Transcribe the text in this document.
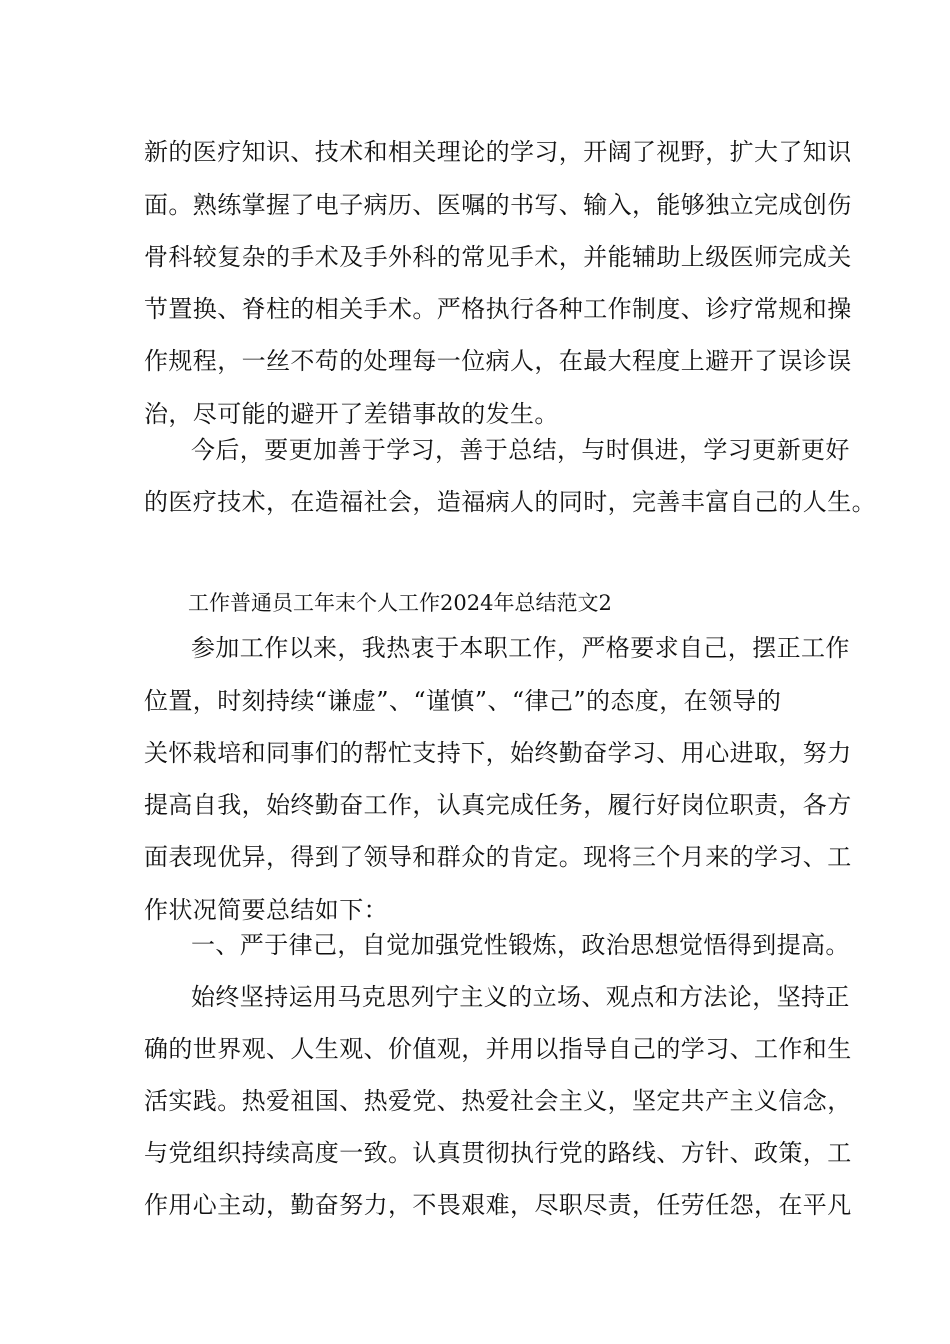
新的医疗知识、技术和相关理论的学习，开阔了视野，扩大了知识
面。熟练掌握了电子病历、医嘱的书写、输入，能够独立完成创伤
骨科较复杂的手术及手外科的常见手术，并能辅助上级医师完成关
节置换、脊柱的相关手术。严格执行各种工作制度、诊疗常规和操
作规程，一丝不苟的处理每一位病人，在最大程度上避开了误诊误
治，尽可能的避开了差错事故的发生。
今后，要更加善于学习，善于总结，与时俱进，学习更新更好
的医疗技术，在造福社会，造福病人的同时，完善丰富自己的人生。
工作普通员工年末个人工作2024年总结范文2
参加工作以来，我热衷于本职工作，严格要求自己，摆正工作
位置，时刻持续“谦虚”、“谨慎”、“律己”的态度，在领导的
关怀栽培和同事们的帮忙支持下，始终勤奋学习、用心进取，努力
提高自我，始终勤奋工作，认真完成任务，履行好岗位职责，各方
面表现优异，得到了领导和群众的肯定。现将三个月来的学习、工
作状况简要总结如下：
一、严于律己，自觉加强党性锻炼，政治思想觉悟得到提高。
始终坚持运用马克思列宁主义的立场、观点和方法论，坚持正
确的世界观、人生观、价值观，并用以指导自己的学习、工作和生
活实践。热爱祖国、热爱党、热爱社会主义，坚定共产主义信念，
与党组织持续高度一致。认真贯彻执行党的路线、方针、政策，工
作用心主动，勤奋努力，不畏艰难，尽职尽责，任劳任怨，在平凡
